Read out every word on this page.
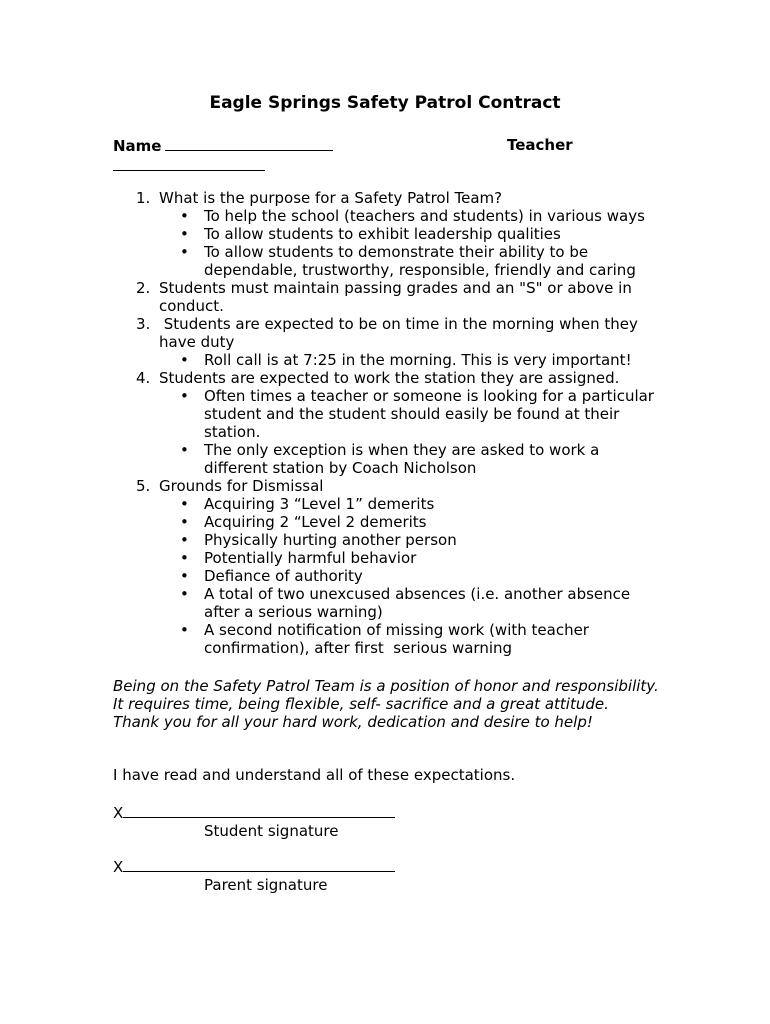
Eagle Springs Safety Patrol Contract
Name	Teacher
1. What is the purpose for a Safety Patrol Team?
• To help the school (teachers and students) in various ways
• To allow students to exhibit leadership qualities
• To allow students to demonstrate their ability to be dependable, trustworthy, responsible, friendly and caring
2. Students must maintain passing grades and an "S" or above in conduct.
3. Students are expected to be on time in the morning when they have duty
• Roll call is at 7:25 in the morning. This is very important!
4. Students are expected to work the station they are assigned.
• Often times a teacher or someone is looking for a particular student and the student should easily be found at their station.
• The only exception is when they are asked to work a different station by Coach Nicholson
5. Grounds for Dismissal
• Acquiring 3 “Level 1” demerits
• Acquiring 2 “Level 2 demerits
• Physically hurting another person
• Potentially harmful behavior
• Defiance of authority
• A total of two unexcused absences (i.e. another absence after a serious warning)
• A second notification of missing work (with teacher confirmation), after first  serious warning
Being on the Safety Patrol Team is a position of honor and responsibility.
It requires time, being flexible, self- sacrifice and a great attitude.
Thank you for all your hard work, dedication and desire to help!
I have read and understand all of these expectations.
X
Student signature
X
Parent signature
